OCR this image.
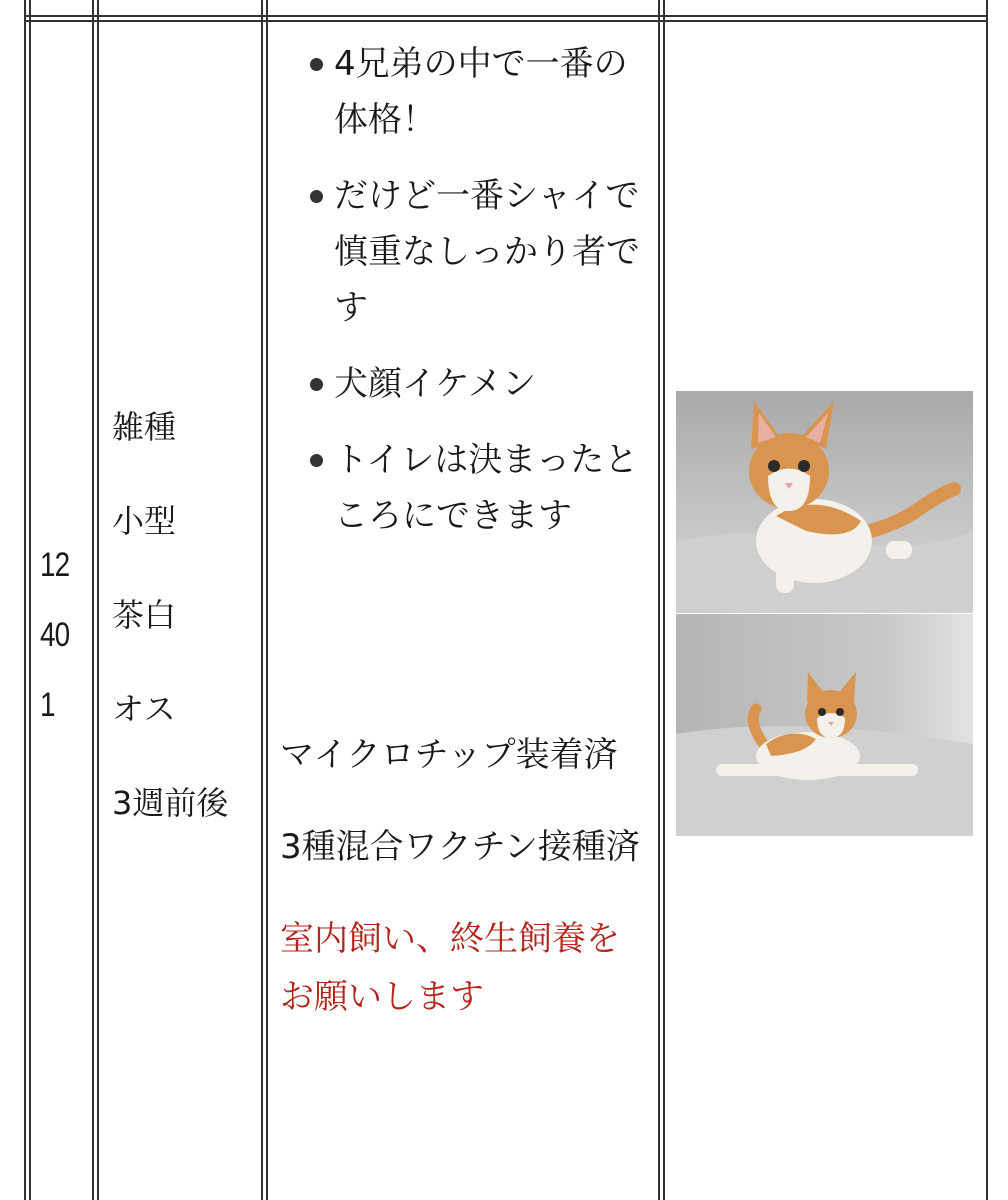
12
40
1
雑種
小型
茶白
オス
3週前後
4兄弟の中で一番の体格！
だけど一番シャイで慎重なしっかり者です
犬顔イケメン
トイレは決まったところにできます

マイクロチップ装着済

3種混合ワクチン接種済

室内飼い、終生飼養をお願いします
